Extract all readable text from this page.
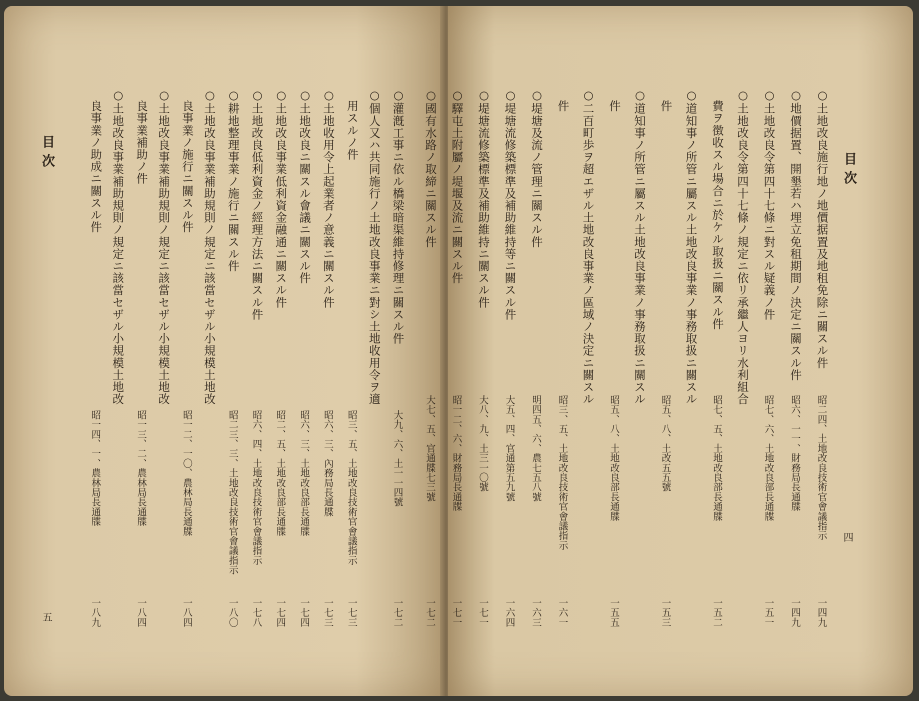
目次
四
○土地改良施行地ノ地價据置及地租免除ニ關スル件
昭二四、土地改良技術官會議指示
一四九
○地價据置、開墾若ハ埋立免租期間ノ決定ニ關スル件
昭六、一一、財務局長通牒
一四九
○土地改良令第四十七條ニ對スル疑義ノ件
昭七、六、土地改良部長通牒
一五一
○土地改良令第四十七條ノ規定ニ依リ承繼人ヨリ水利組合
費ヲ徴收スル場合ニ於ケル取扱ニ關スル件
昭七、五、土地改良部長通牒
一五二
○道知事ノ所管ニ屬スル土地改良事業ノ事務取扱ニ關スル
件
昭五、八、土改五五號
一五三
○道知事ノ所管ニ屬スル土地改良事業ノ事務取扱ニ關スル
件
昭五、八、土地改良部長通牒
一五五
○二百町歩ヲ超エザル土地改良事業ノ區域ノ決定ニ關スル
件
昭三、五、土地改良技術官會議指示
一六一
○堤塘及流ノ管理ニ關スル件
明四五、六、農七五八號
一六三
○堤塘流修築標準及補助維持等ニ關スル件
大五、四、官通第五九號
一六四
○堤塘流修築標準及補助維持ニ關スル件
大八、九、土三一〇號
一七一
○驛屯土附屬ノ堤堰及流ニ關スル件
昭一二、六、財務局長通牒
一七一
○國有水路ノ取締ニ關スル件
大七、五、官通牒七三號
一七二
目次
五
○灌漑工事ニ依ル橋梁暗渠維持修理ニ關スル件
大九、六、土一一四號
一七二
○個人又ハ共同施行ノ土地改良事業ニ對シ土地收用令ヲ適
用スルノ件
昭三、五、土地改良技術官會議指示
一七三
○土地收用令上起業者ノ意義ニ關スル件
昭六、三、內務局長通牒
一七三
○土地改良ニ關スル會議ニ關スル件
昭六、三、土地改良部長通牒
一七四
○土地改良事業低利資金融通ニ關スル件
昭二、五、土地改良部長通牒
一七四
○土地改良低利資金ノ經理方法ニ關スル件
昭六、四、土地改良技術官會議指示
一七八
○耕地整理事業ノ施行ニ關スル件
昭二三、三、土地改良技術官會議指示
一八〇
○土地改良事業補助規則ノ規定ニ該當セザル小規模土地改
良事業ノ施行ニ關スル件
昭一二、一〇、農林局長通牒
一八四
○土地改良事業補助規則ノ規定ニ該當セザル小規模土地改
良事業補助ノ件
昭一三、二、農林局長通牒
一八四
○土地改良事業補助規則ノ規定ニ該當セザル小規模土地改
良事業ノ助成ニ關スル件
昭一四、一、農林局長通牒
一八九
